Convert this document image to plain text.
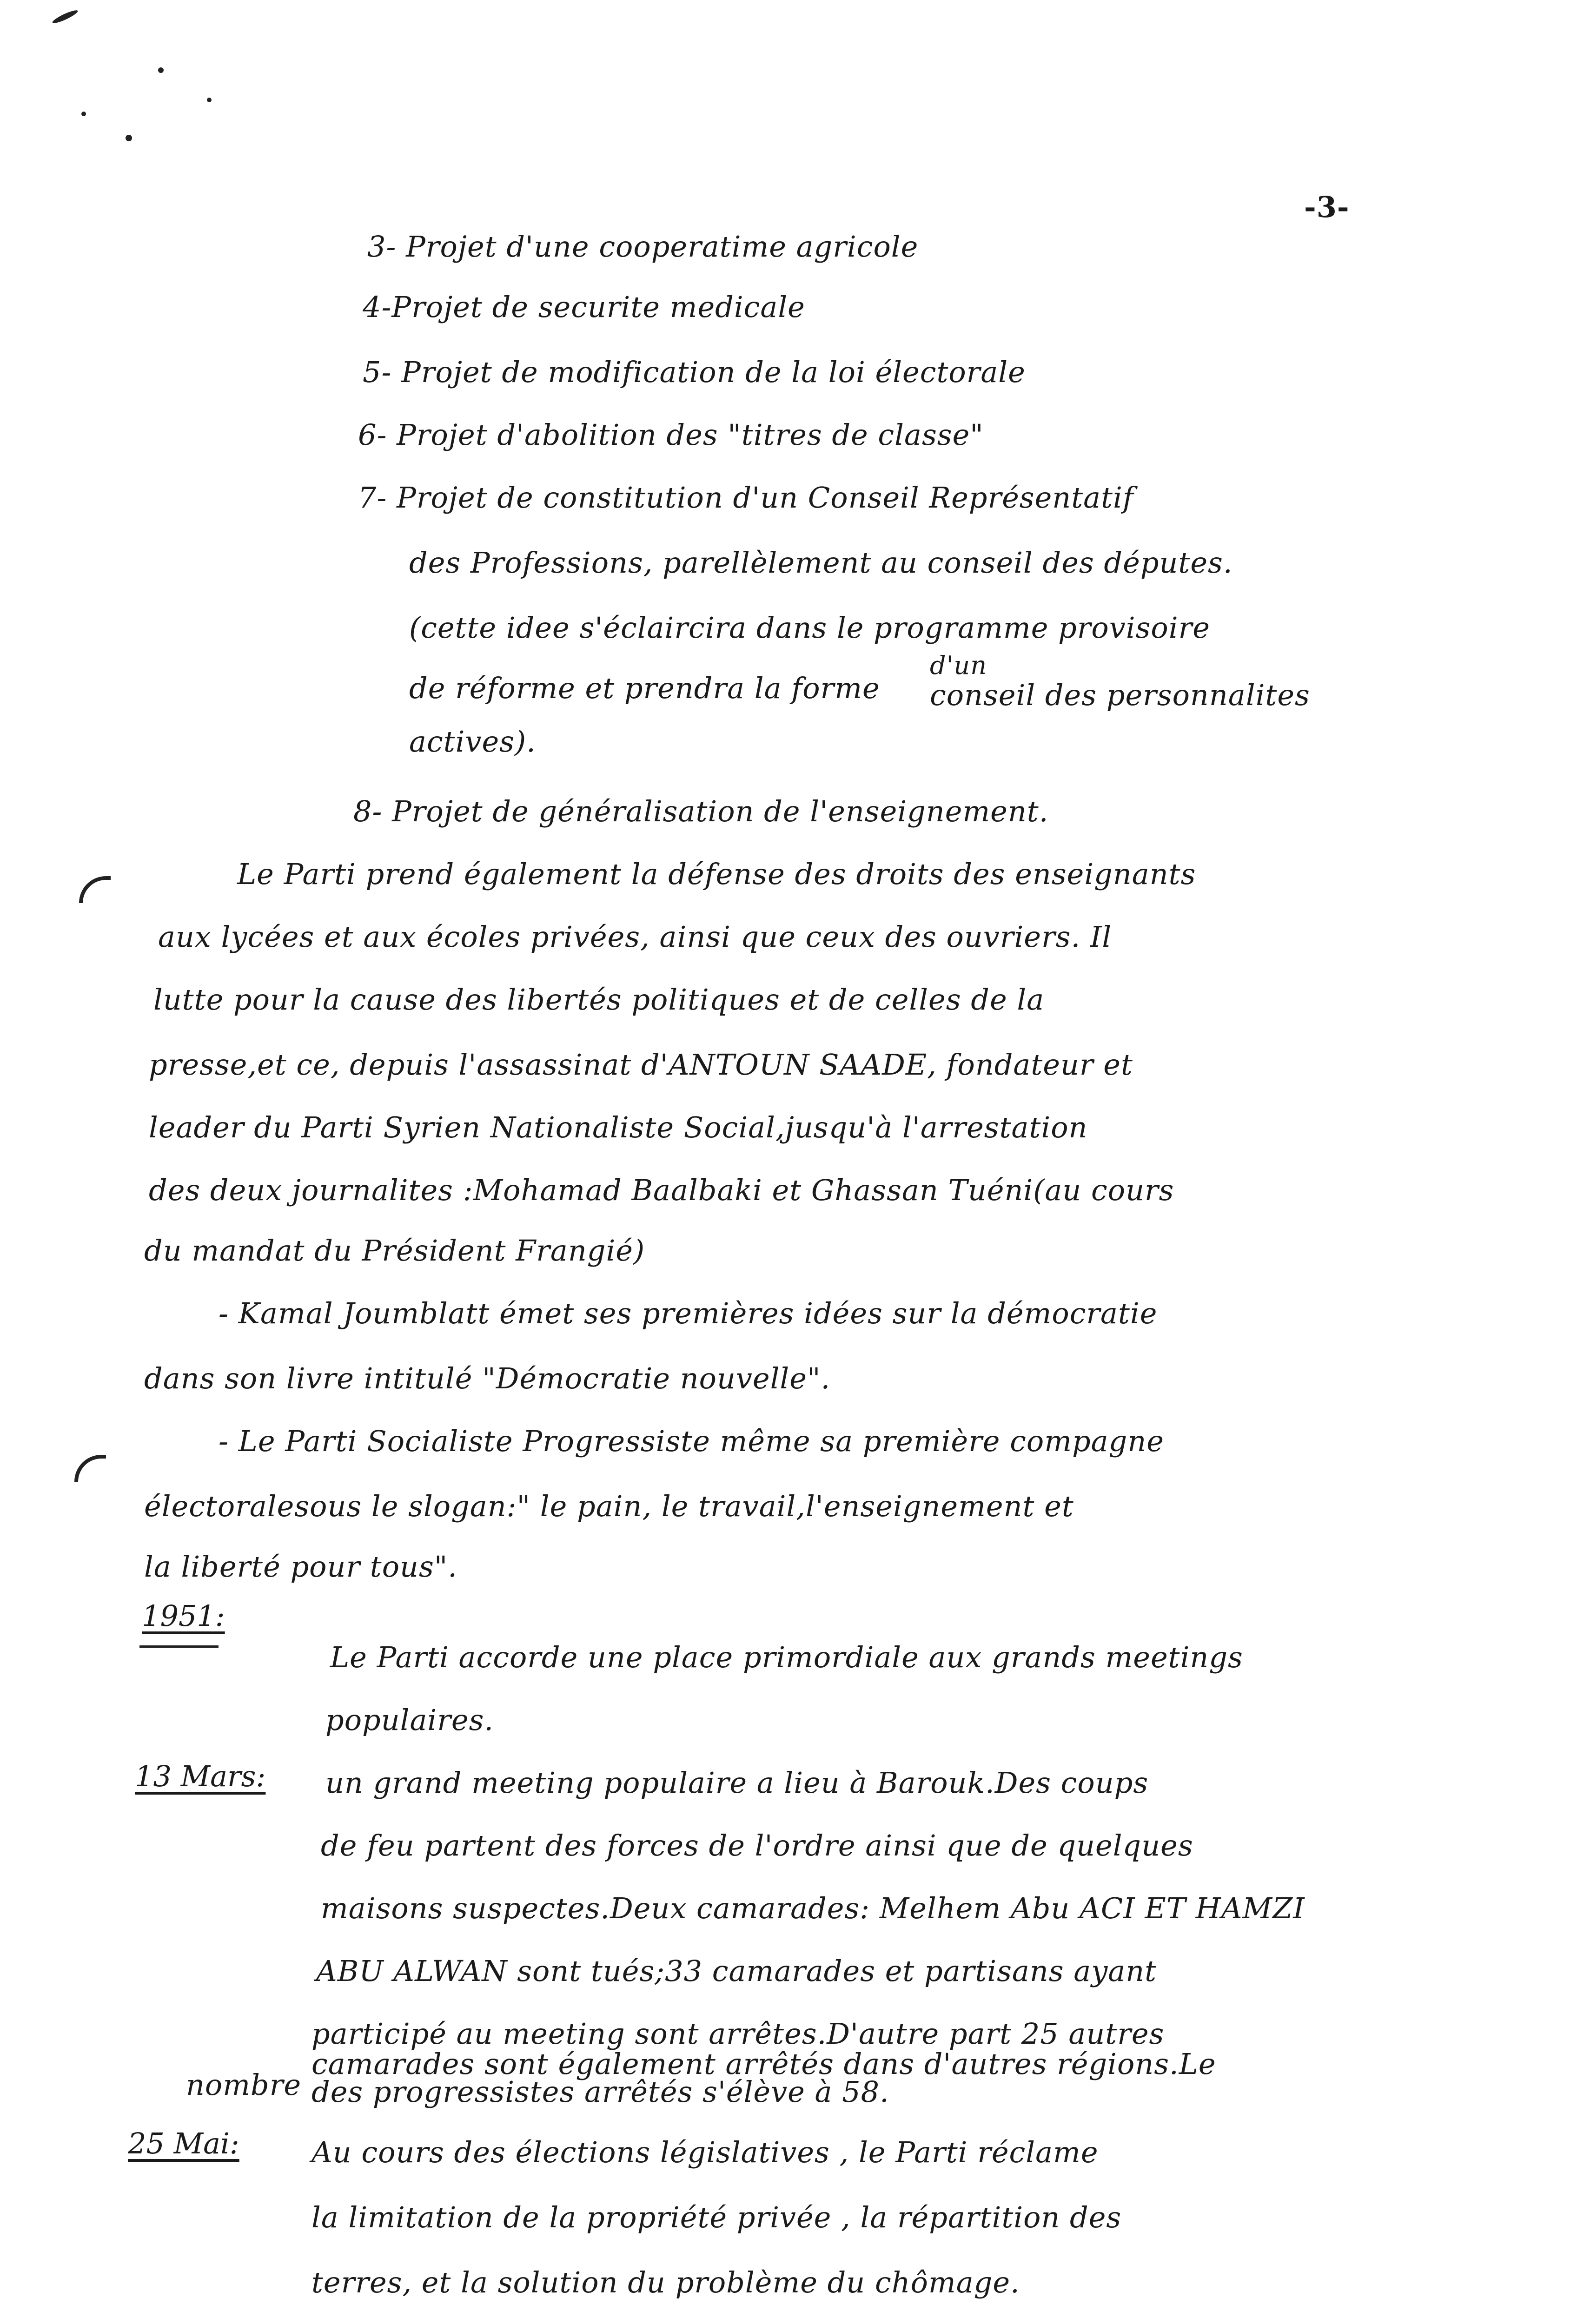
-3-
3- Projet d'une cooperatime agricole
4-Projet de securite medicale
5- Projet de modification de la loi électorale
6- Projet d'abolition des "titres de classe"
7- Projet de constitution d'un Conseil Représentatif
des Professions, parellèlement au conseil des députes.
(cette idee s'éclaircira dans le programme provisoire
d'un
de réforme et prendra la forme conseil des personnalites
actives).
8- Projet de généralisation de l'enseignement.
Le Parti prend également la défense des droits des enseignants
aux lycées et aux écoles privées, ainsi que ceux des ouvriers. Il
lutte pour la cause des libertés politiques et de celles de la
presse,et ce, depuis l'assassinat d'ANTOUN SAADE, fondateur et
leader du Parti Syrien Nationaliste Social,jusqu'à l'arrestation
des deux journalites :Mohamad Baalbaki et Ghassan Tuéni(au cours
du mandat du Président Frangié)
- Kamal Joumblatt émet ses premières idées sur la démocratie
dans son livre intitulé "Démocratie nouvelle".
- Le Parti Socialiste Progressiste même sa première compagne
électoralesous le slogan:" le pain, le travail,l'enseignement et
la liberté pour tous".
1951:
Le Parti accorde une place primordiale aux grands meetings
populaires.
13 Mars: un grand meeting populaire a lieu à Barouk.Des coups
de feu partent des forces de l'ordre ainsi que de quelques
maisons suspectes.Deux camarades: Melhem Abu ACI ET HAMZI
ABU ALWAN sont tués;33 camarades et partisans ayant
participé au meeting sont arrêtes.D'autre part 25 autres
camarades sont également arrêtés dans d'autres régions.Le
nombre des progressistes arrêtés s'élève à 58.
25 Mai:	Au cours des élections législatives , le Parti réclame
la limitation de la propriété privée , la répartition des
terres, et la solution du problème du chômage.
